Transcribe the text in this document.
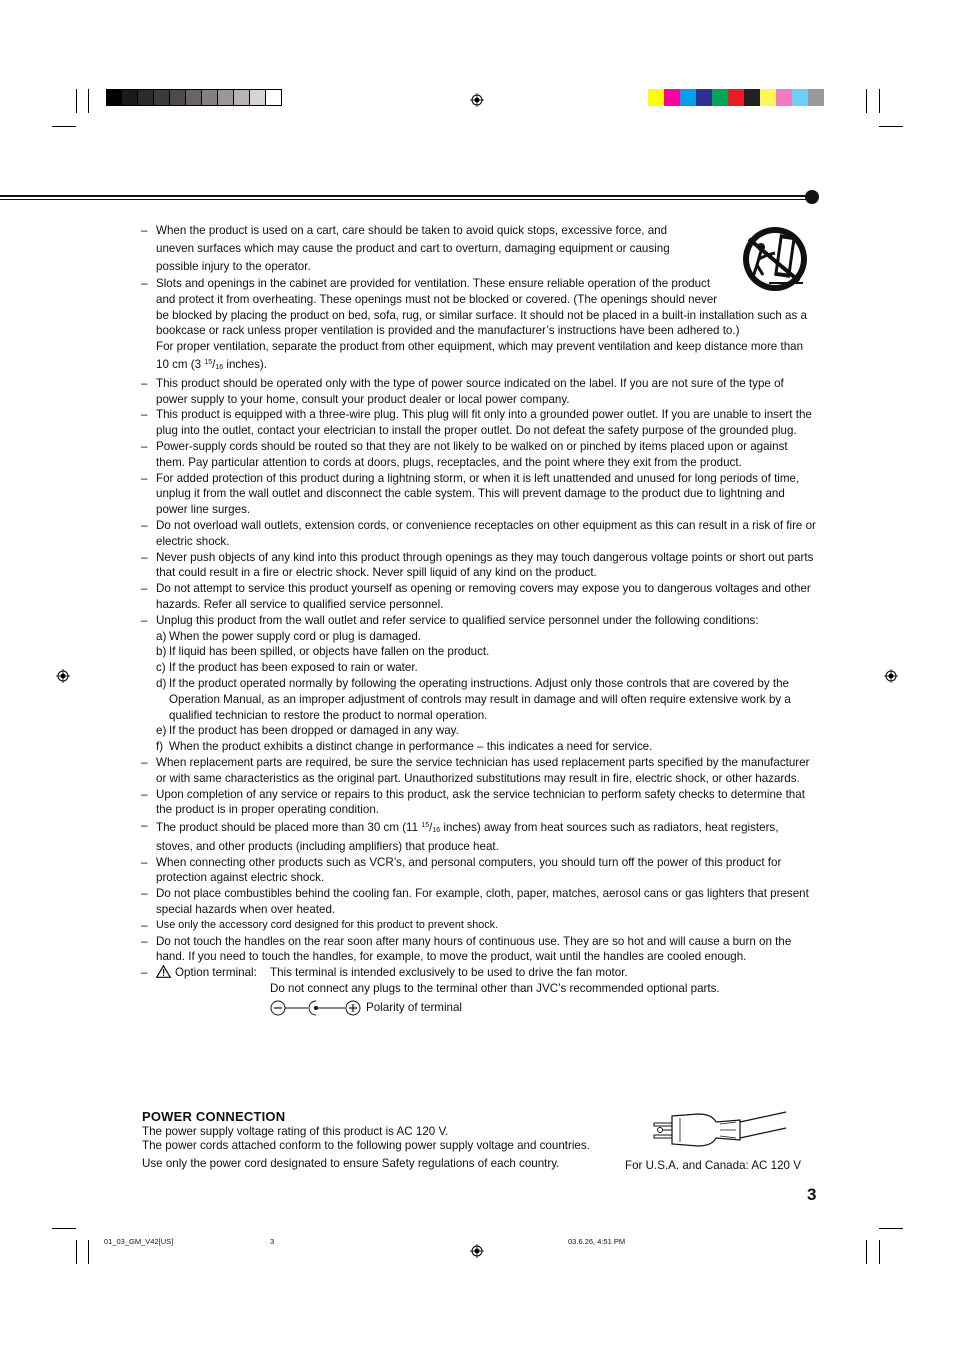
– When the product is used on a cart, care should be taken to avoid quick stops, excessive force, and

uneven surfaces which may cause the product and cart to overturn, damaging equipment or causing

possible injury to the operator.

– Slots and openings in the cabinet are provided for ventilation. These ensure reliable operation of the product and protect it from overheating. These openings must not be blocked or covered. (The openings should never be blocked by placing the product on bed, sofa, rug, or similar surface. It should not be placed in a built-in installation such as a bookcase or rack unless proper ventilation is provided and the manufacturer’s instructions have been adhered to.)

For proper ventilation, separate the product from other equipment, which may prevent ventilation and keep distance more than 10 cm (3 $^{15}/_{16}$ inches).

– This product should be operated only with the type of power source indicated on the label. If you are not sure of the type of power supply to your home, consult your product dealer or local power company.

– This product is equipped with a three-wire plug. This plug will fit only into a grounded power outlet. If you are unable to insert the plug into the outlet, contact your electrician to install the proper outlet. Do not defeat the safety purpose of the grounded plug.

– Power-supply cords should be routed so that they are not likely to be walked on or pinched by items placed upon or against them. Pay particular attention to cords at doors, plugs, receptacles, and the point where they exit from the product.

– For added protection of this product during a lightning storm, or when it is left unattended and unused for long periods of time, unplug it from the wall outlet and disconnect the cable system. This will prevent damage to the product due to lightning and power line surges.

– Do not overload wall outlets, extension cords, or convenience receptacles on other equipment as this can result in a risk of fire or electric shock.

– Never push objects of any kind into this product through openings as they may touch dangerous voltage points or short out parts that could result in a fire or electric shock. Never spill liquid of any kind on the product.

– Do not attempt to service this product yourself as opening or removing covers may expose you to dangerous voltages and other hazards. Refer all service to qualified service personnel.

– Unplug this product from the wall outlet and refer service to qualified service personnel under the following conditions:

a) When the power supply cord or plug is damaged.
b) If liquid has been spilled, or objects have fallen on the product.
c) If the product has been exposed to rain or water.
d) If the product operated normally by following the operating instructions. Adjust only those controls that are covered by the Operation Manual, as an improper adjustment of controls may result in damage and will often require extensive work by a qualified technician to restore the product to normal operation.
e) If the product has been dropped or damaged in any way.
f) When the product exhibits a distinct change in performance – this indicates a need for service.
– When replacement parts are required, be sure the service technician has used replacement parts specified by the manufacturer or with same characteristics as the original part. Unauthorized substitutions may result in fire, electric shock, or other hazards.

– Upon completion of any service or repairs to this product, ask the service technician to perform safety checks to determine that the product is in proper operating condition.

– The product should be placed more than 30 cm (11 $^{15}/_{16}$ inches) away from heat sources such as radiators, heat registers, stoves, and other products (including amplifiers) that produce heat.

– When connecting other products such as VCR’s, and personal computers, you should turn off the power of this product for protection against electric shock.

– Do not place combustibles behind the cooling fan. For example, cloth, paper, matches, aerosol cans or gas lighters that present special hazards when over heated.

– Use only the accessory cord designed for this product to prevent shock.

– Do not touch the handles on the rear soon after many hours of continuous use. They are so hot and will cause a burn on the hand. If you need to touch the handles, for example, to move the product, wait until the handles are cooled enough.

–	Option terminal: This terminal is intended exclusively to be used to drive the fan motor.
Do not connect any plugs to the terminal other than JVC’s recommended optional parts.
Polarity of terminal
POWER CONNECTION
The power supply voltage rating of this product is AC 120 V.
The power cords attached conform to the following power supply voltage and countries.
Use only the power cord designated to ensure Safety regulations of each country.	For U.S.A. and Canada: AC 120 V
3
01_03_GM_V42[US]	3	03.6.26, 4:51 PM
